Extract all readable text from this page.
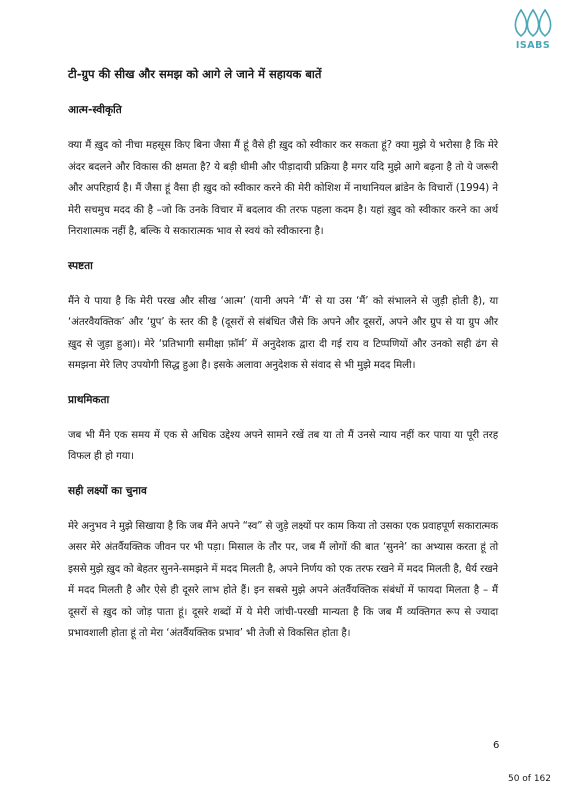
ISABS
टी-ग्रुप की सीख और समझ को आगे ले जाने में सहायक बातें
आत्म-स्वीकृति

क्या मैं ख़ुद को नीचा महसूस किए बिना जैसा मैं हूं वैसे ही ख़ुद को स्वीकार कर सकता हूं? क्या मुझे ये भरोसा है कि मेरे अंदर बदलने और विकास की क्षमता है? ये बड़ी धीमी और पीड़ादायी प्रक्रिया है मगर यदि मुझे आगे बढ़ना है तो ये जरूरी और अपरिहार्य है। मैं जैसा हूं वैसा ही ख़ुद को स्वीकार करने की मेरी कोशिश में नाथानियल ब्रांडेन के विचारों (1994) ने मेरी सचमुच मदद की है –जो कि उनके विचार में बदलाव की तरफ पहला कदम है। यहां ख़ुद को स्वीकार करने का अर्थ निराशात्मक नहीं है, बल्कि ये सकारात्मक भाव से स्वयं को स्वीकारना है।

स्पष्टता

मैंने ये पाया है कि मेरी परख और सीख ‘आत्म’ (यानी अपने ‘मैं’ से या उस ‘मैं’ को संभालने से जुड़ी होती है), या ‘अंतरवैयक्तिक’ और ‘ग्रुप’ के स्तर की है (दूसरों से संबंधित जैसे कि अपने और दूसरों, अपने और ग्रुप से या ग्रुप और ख़ुद से जुड़ा हुआ)। मेरे ‘प्रतिभागी समीक्षा फ़ॉर्म’ में अनुदेशक द्वारा दी गई राय व टिप्पणियों और उनको सही ढंग से समझना मेरे लिए उपयोगी सिद्ध हुआ है। इसके अलावा अनुदेशक से संवाद से भी मुझे मदद मिली।

प्राथमिकता

जब भी मैंने एक समय में एक से अधिक उद्देश्य अपने सामने रखें तब या तो मैं उनसे न्याय नहीं कर पाया या पूरी तरह विफल ही हो गया।

सही लक्ष्यों का चुनाव

मेरे अनुभव ने मुझे सिखाया है कि जब मैंने अपने “स्व” से जुड़े लक्ष्यों पर काम किया तो उसका एक प्रवाहपूर्ण सकारात्मक असर मेरे अंतर्वैयक्तिक जीवन पर भी पड़ा। मिसाल के तौर पर, जब मैं लोगों की बात ‘सुनने’ का अभ्यास करता हूं तो इससे मुझे ख़ुद को बेहतर सुनने-समझने में मदद मिलती है, अपने निर्णय को एक तरफ रखने में मदद मिलती है, धैर्य रखने में मदद मिलती है और ऐसे ही दूसरे लाभ होते हैं। इन सबसे मुझे अपने अंतर्वैयक्तिक संबंधों में फायदा मिलता है – मैं दूसरों से ख़ुद को जोड़ पाता हूं। दूसरे शब्दों में ये मेरी जांची-परखी मान्यता है कि जब मैं व्यक्तिगत रूप से ज्यादा प्रभावशाली होता हूं तो मेरा ‘अंतर्वैयक्तिक प्रभाव’ भी तेजी से विकसित होता है।

6
50 of 162
